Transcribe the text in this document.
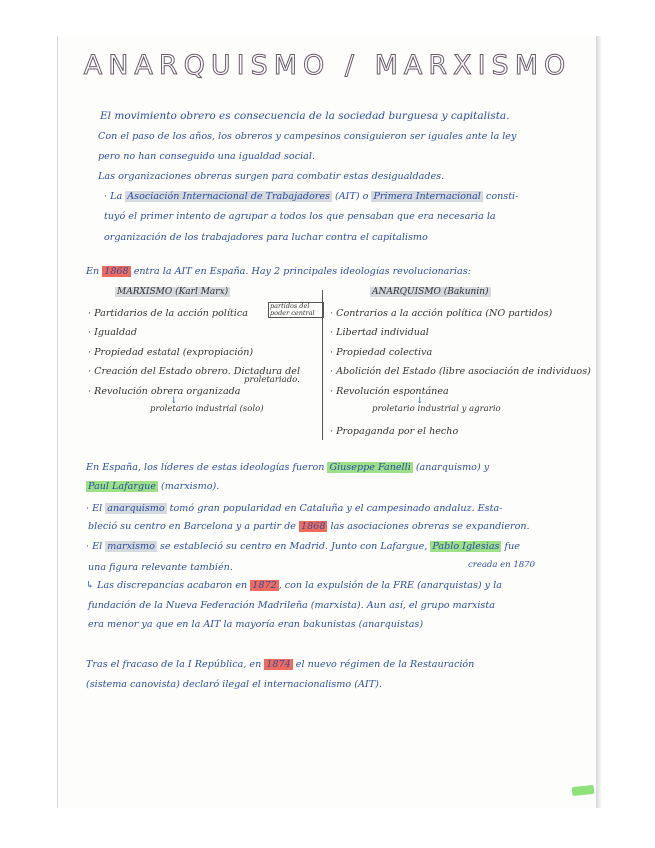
ANARQUISMO / MARXISMO
El movimiento obrero es consecuencia de la sociedad burguesa y capitalista.
Con el paso de los años, los obreros y campesinos consiguieron ser iguales ante la ley
pero no han conseguido una igualdad social.
Las organizaciones obreras surgen para combatir estas desigualdades.
· La Asociación Internacional de Trabajadores (AIT) o Primera Internacional consti-
tuyó el primer intento de agrupar a todos los que pensaban que era necesaria la
organización de los trabajadores para luchar contra el capitalismo
En 1868 entra la AIT en España. Hay 2 principales ideologías revolucionarias:
MARXISMO (Karl Marx)
partidos del poder central
· Partidarios de la acción política
· Igualdad
· Propiedad estatal (expropiación)
· Creación del Estado obrero. Dictadura del
proletariado.
· Revolución obrera organizada
↓
proletario industrial (solo)
ANARQUISMO (Bakunin)
· Contrarios a la acción política (NO partidos)
· Libertad individual
· Propiedad colectiva
· Abolición del Estado (libre asociación de individuos)
· Revolución espontánea
↓
proletario industrial y agrario
· Propaganda por el hecho
En España, los líderes de estas ideologías fueron Giuseppe Fanelli (anarquismo) y
Paul Lafargue (marxismo).
· El anarquismo tomó gran popularidad en Cataluña y el campesinado andaluz. Esta-
bleció su centro en Barcelona y a partir de 1868 las asociaciones obreras se expandieron.
· El marxismo se estableció su centro en Madrid. Junto con Lafargue, Pablo Iglesias fue
creada en 1870
una figura relevante también.
↳ Las discrepancias acabaron en 1872 , con la expulsión de la FRE (anarquistas) y la
fundación de la Nueva Federación Madrileña (marxista). Aun así, el grupo marxista
era menor ya que en la AIT la mayoría eran bakunistas (anarquistas)
Tras el fracaso de la I República, en 1874 el nuevo régimen de la Restauración
(sistema canovista) declaró ilegal el internacionalismo (AIT).
